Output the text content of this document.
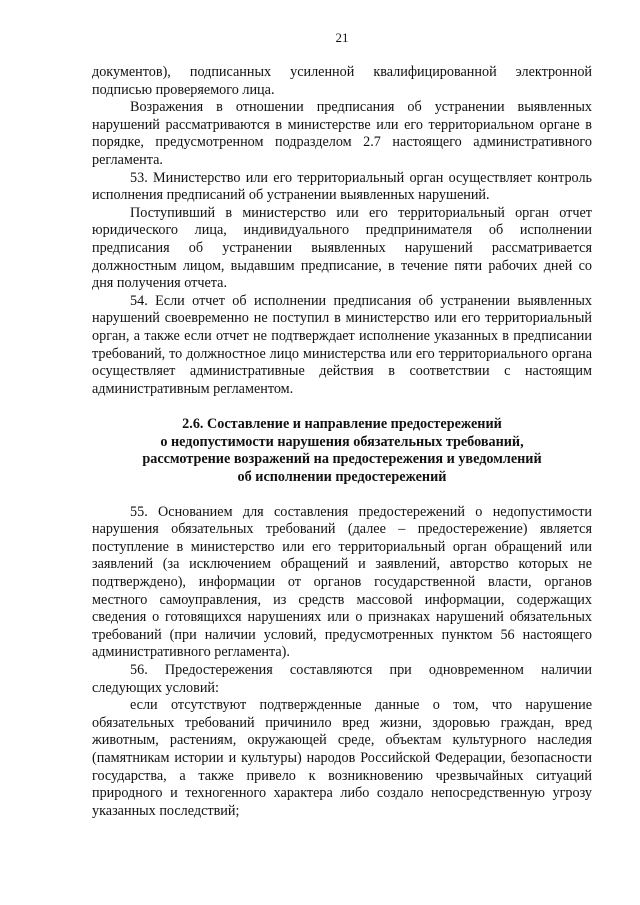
21

документов), подписанных усиленной квалифицированной электронной подписью проверяемого лица.

Возражения в отношении предписания об устранении выявленных нарушений рассматриваются в министерстве или его территориальном органе в порядке, предусмотренном подразделом 2.7 настоящего административного регламента.

53. Министерство или его территориальный орган осуществляет контроль исполнения предписаний об устранении выявленных нарушений.

Поступивший в министерство или его территориальный орган отчет юридического лица, индивидуального предпринимателя об исполнении предписания об устранении выявленных нарушений рассматривается должностным лицом, выдавшим предписание, в течение пяти рабочих дней со дня получения отчета.

54. Если отчет об исполнении предписания об устранении выявленных нарушений своевременно не поступил в министерство или его территориальный орган, а также если отчет не подтверждает исполнение указанных в предписании требований, то должностное лицо министерства или его территориального органа осуществляет административные действия в соответствии с настоящим административным регламентом.

2.6. Составление и направление предостережений
о недопустимости нарушения обязательных требований,
рассмотрение возражений на предостережения и уведомлений
об исполнении предостережений

55. Основанием для составления предостережений о недопустимости нарушения обязательных требований (далее – предостережение) является поступление в министерство или его территориальный орган обращений или заявлений (за исключением обращений и заявлений, авторство которых не подтверждено), информации от органов государственной власти, органов местного самоуправления, из средств массовой информации, содержащих сведения о готовящихся нарушениях или о признаках нарушений обязательных требований (при наличии условий, предусмотренных пунктом 56 настоящего административного регламента).

56. Предостережения составляются при одновременном наличии следующих условий:

если отсутствуют подтвержденные данные о том, что нарушение обязательных требований причинило вред жизни, здоровью граждан, вред животным, растениям, окружающей среде, объектам культурного наследия (памятникам истории и культуры) народов Российской Федерации, безопасности государства, а также привело к возникновению чрезвычайных ситуаций природного и техногенного характера либо создало непосредственную угрозу указанных последствий;
